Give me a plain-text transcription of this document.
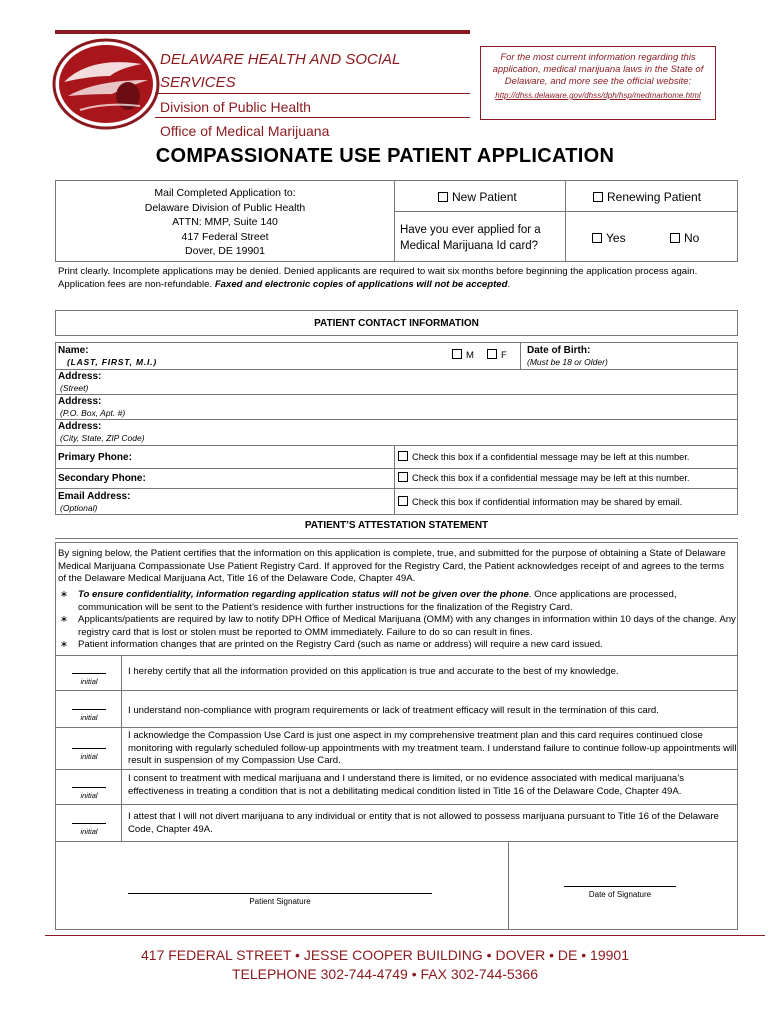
DELAWARE HEALTH AND SOCIAL
SERVICES
Division of Public Health
Office of Medical Marijuana
For the most current information regarding this application, medical marijuana laws in the State of Delaware, and more see the official website:
http://dhss.delaware.gov/dhss/dph/hsp/medmarhome.html
COMPASSIONATE USE PATIENT APPLICATION
Mail Completed Application to:
Delaware Division of Public Health
ATTN: MMP, Suite 140
417 Federal Street
Dover, DE 19901
New Patient	Renewing Patient
Have you ever applied for a Medical Marijuana Id card?
Yes	No
Print clearly. Incomplete applications may be denied. Denied applicants are required to wait six months before beginning the application process again. Application fees are non-refundable. Faxed and electronic copies of applications will not be accepted.
PATIENT CONTACT INFORMATION
Name:
(LAST, FIRST, M.I.)
M	F Date of Birth:
(Must be 18 or Older)
Address:
(Street)
Address:
(P.O. Box, Apt. #)
Address:
(City, State, ZIP Code)
Primary Phone:	Check this box if a confidential message may be left at this number.
Secondary Phone:	Check this box if a confidential message may be left at this number.
Email Address:
(Optional)
Check this box if confidential information may be shared by email.
PATIENT’S ATTESTATION STATEMENT
By signing below, the Patient certifies that the information on this application is complete, true, and submitted for the purpose of obtaining a State of Delaware Medical Marijuana Compassionate Use Patient Registry Card. If approved for the Registry Card, the Patient acknowledges receipt of and agrees to the terms of the Delaware Medical Marijuana Act, Title 16 of the Delaware Code, Chapter 49A.
∗ To ensure confidentiality, information regarding application status will not be given over the phone. Once applications are processed, communication will be sent to the Patient’s residence with further instructions for the finalization of the Registry Card.
∗ Applicants/patients are required by law to notify DPH Office of Medical Marijuana (OMM) with any changes in information within 10 days of the change. Any registry card that is lost or stolen must be reported to OMM immediately. Failure to do so can result in fines.
∗ Patient information changes that are printed on the Registry Card (such as name or address) will require a new card issued.
initial
I hereby certify that all the information provided on this application is true and accurate to the best of my knowledge.
initial
I understand non-compliance with program requirements or lack of treatment efficacy will result in the termination of this card.
initial
I acknowledge the Compassion Use Card is just one aspect in my comprehensive treatment plan and this card requires continued close monitoring with regularly scheduled follow-up appointments with my treatment team. I understand failure to continue follow-up appointments will result in suspension of my Compassion Use Card.
initial
I consent to treatment with medical marijuana and I understand there is limited, or no evidence associated with medical marijuana’s effectiveness in treating a condition that is not a debilitating medical condition listed in Title 16 of the Delaware Code, Chapter 49A.
initial
I attest that I will not divert marijuana to any individual or entity that is not allowed to possess marijuana pursuant to Title 16 of the Delaware Code, Chapter 49A.
Patient Signature
Date of Signature
417 FEDERAL STREET • JESSE COOPER BUILDING • DOVER • DE • 19901
TELEPHONE 302-744-4749 • FAX 302-744-5366
